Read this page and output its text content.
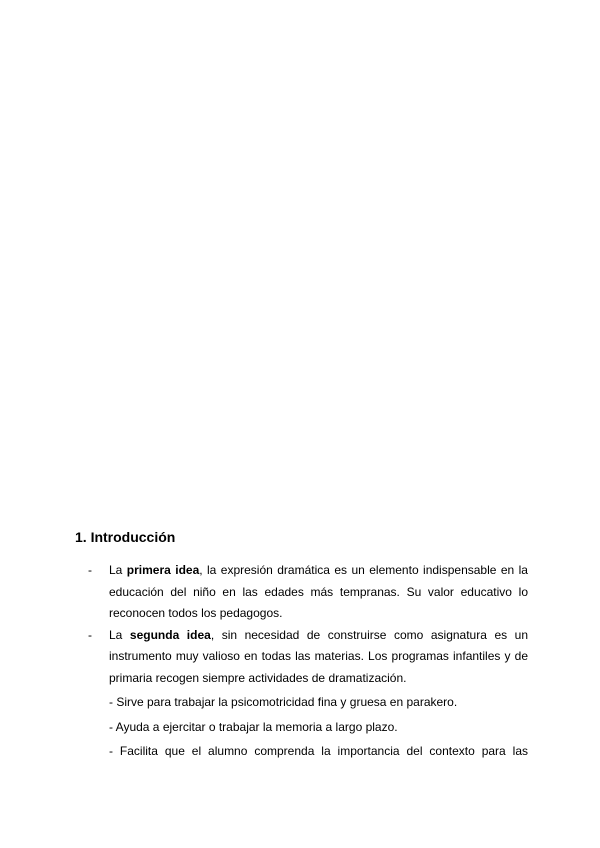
1. Introducción
- La primera idea, la expresión dramática es un elemento indispensable en la educación del niño en las edades más tempranas. Su valor educativo lo reconocen todos los pedagogos.

- La segunda idea, sin necesidad de construirse como asignatura es un instrumento muy valioso en todas las materias. Los programas infantiles y de primaria recogen siempre actividades de dramatización.

- Sirve para trabajar la psicomotricidad fina y gruesa en parakero.

- Ayuda a ejercitar o trabajar la memoria a largo plazo.

- Facilita que el alumno comprenda la importancia del contexto para las
